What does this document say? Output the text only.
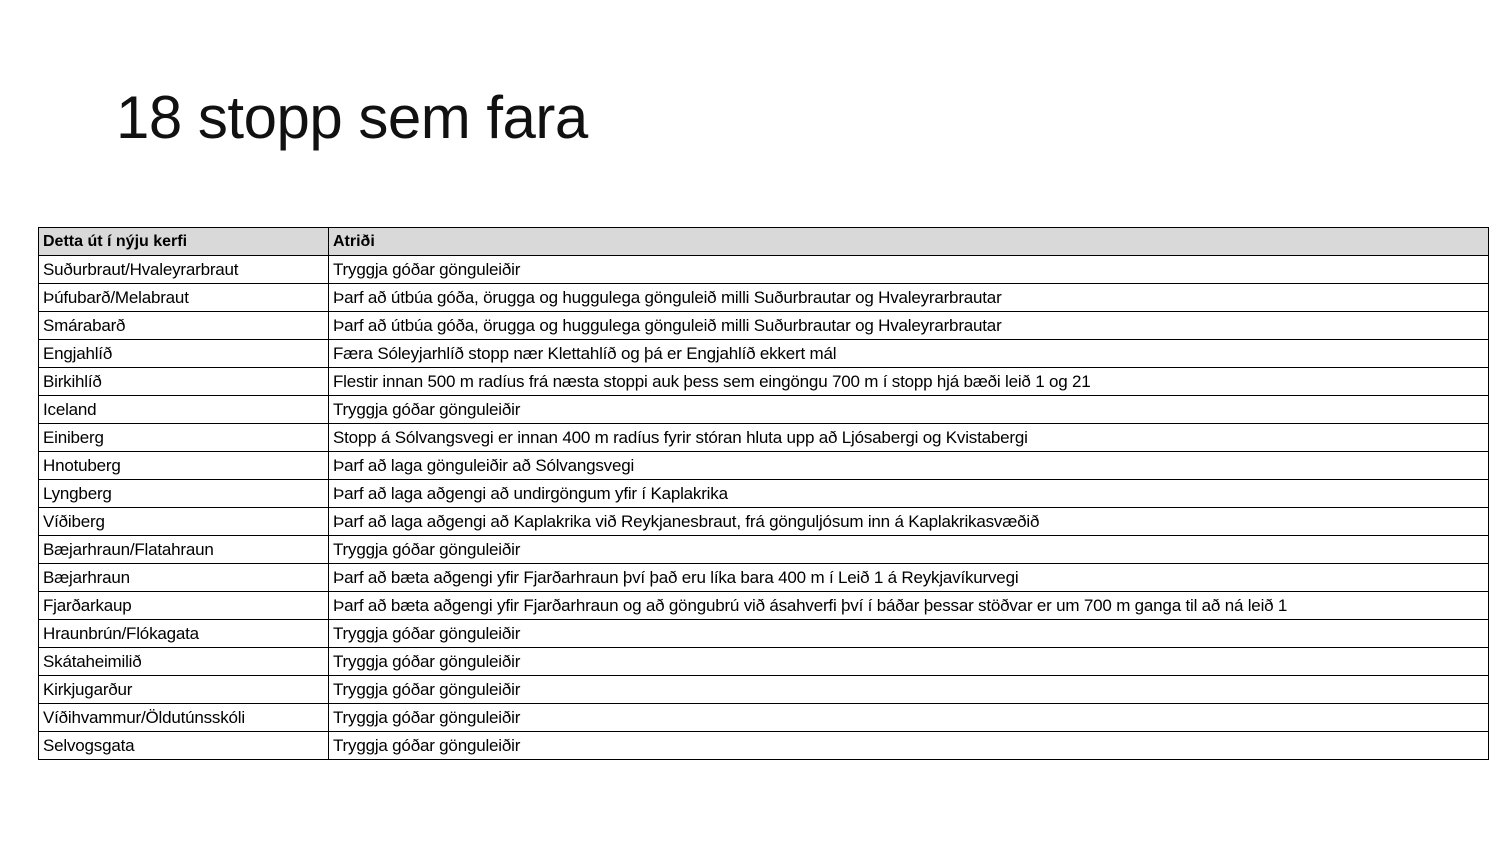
18 stopp sem fara
Detta út í nýju kerfi	Atriði
Suðurbraut/Hvaleyrarbraut	Tryggja góðar gönguleiðir
Þúfubarð/Melabraut	Þarf að útbúa góða, örugga og huggulega gönguleið milli Suðurbrautar og Hvaleyrarbrautar
Smárabarð	Þarf að útbúa góða, örugga og huggulega gönguleið milli Suðurbrautar og Hvaleyrarbrautar
Engjahlíð	Færa Sóleyjarhlíð stopp nær Klettahlíð og þá er Engjahlíð ekkert mál
Birkihlíð	Flestir innan 500 m radíus frá næsta stoppi auk þess sem eingöngu 700 m í stopp hjá bæði leið 1 og 21
Iceland	Tryggja góðar gönguleiðir
Einiberg	Stopp á Sólvangsvegi er innan 400 m radíus fyrir stóran hluta upp að Ljósabergi og Kvistabergi
Hnotuberg	Þarf að laga gönguleiðir að Sólvangsvegi
Lyngberg	Þarf að laga aðgengi að undirgöngum yfir í Kaplakrika
Víðiberg	Þarf að laga aðgengi að Kaplakrika við Reykjanesbraut, frá gönguljósum inn á Kaplakrikasvæðið
Bæjarhraun/Flatahraun	Tryggja góðar gönguleiðir
Bæjarhraun	Þarf að bæta aðgengi yfir Fjarðarhraun því það eru líka bara 400 m í Leið 1 á Reykjavíkurvegi
Fjarðarkaup	Þarf að bæta aðgengi yfir Fjarðarhraun og að göngubrú við ásahverfi því í báðar þessar stöðvar er um 700 m ganga til að ná leið 1
Hraunbrún/Flókagata	Tryggja góðar gönguleiðir
Skátaheimilið	Tryggja góðar gönguleiðir
Kirkjugarður	Tryggja góðar gönguleiðir
Víðihvammur/Öldutúnsskóli	Tryggja góðar gönguleiðir
Selvogsgata	Tryggja góðar gönguleiðir
